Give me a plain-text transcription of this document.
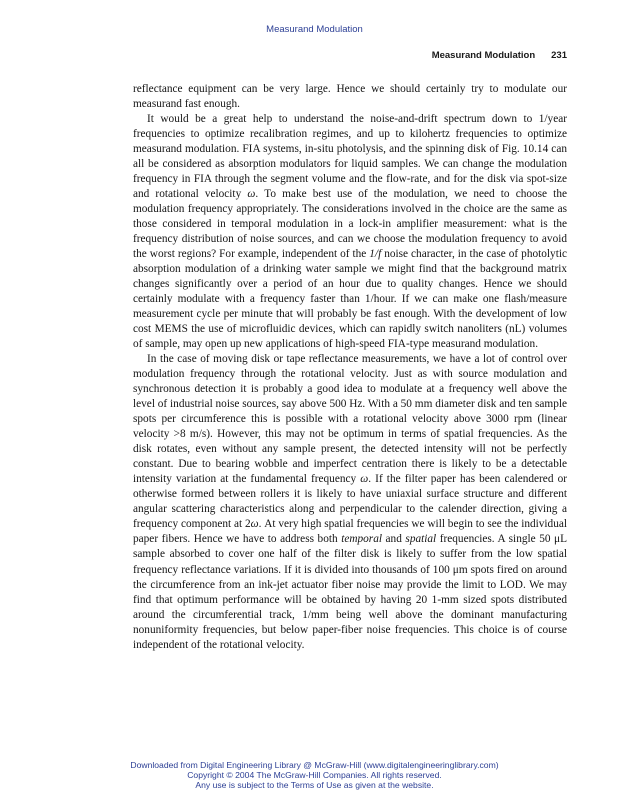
Measurand Modulation
Measurand Modulation 231

reflectance equipment can be very large. Hence we should certainly try to modulate our measurand fast enough.

It would be a great help to understand the noise-and-drift spectrum down to 1/year frequencies to optimize recalibration regimes, and up to kilohertz frequencies to optimize measurand modulation. FIA systems, in-situ photolysis, and the spinning disk of Fig. 10.14 can all be considered as absorption modulators for liquid samples. We can change the modulation frequency in FIA through the segment volume and the flow-rate, and for the disk via spot-size and rotational velocity ω. To make best use of the modulation, we need to choose the modulation frequency appropriately. The considerations involved in the choice are the same as those considered in temporal modulation in a lock-in amplifier measurement: what is the frequency distribution of noise sources, and can we choose the modulation frequency to avoid the worst regions? For example, independent of the 1/f noise character, in the case of photolytic absorption modulation of a drinking water sample we might find that the background matrix changes significantly over a period of an hour due to quality changes. Hence we should certainly modulate with a frequency faster than 1/hour. If we can make one flash/measure measurement cycle per minute that will probably be fast enough. With the development of low cost MEMS the use of microfluidic devices, which can rapidly switch nanoliters (nL) volumes of sample, may open up new applications of high-speed FIA-type measurand modulation.

In the case of moving disk or tape reflectance measurements, we have a lot of control over modulation frequency through the rotational velocity. Just as with source modulation and synchronous detection it is probably a good idea to modulate at a frequency well above the level of industrial noise sources, say above 500 Hz. With a 50 mm diameter disk and ten sample spots per circumference this is possible with a rotational velocity above 3000 rpm (linear velocity >8 m/s). However, this may not be optimum in terms of spatial frequencies. As the disk rotates, even without any sample present, the detected intensity will not be perfectly constant. Due to bearing wobble and imperfect centration there is likely to be a detectable intensity variation at the fundamental frequency ω. If the filter paper has been calendered or otherwise formed between rollers it is likely to have uniaxial surface structure and different angular scattering characteristics along and perpendicular to the calender direction, giving a frequency component at 2ω. At very high spatial frequencies we will begin to see the individual paper fibers. Hence we have to address both temporal and spatial frequencies. A single 50 μL sample absorbed to cover one half of the filter disk is likely to suffer from the low spatial frequency reflectance variations. If it is divided into thousands of 100 μm spots fired on around the circumference from an ink-jet actuator fiber noise may provide the limit to LOD. We may find that optimum performance will be obtained by having 20 1-mm sized spots distributed around the circumferential track, 1/mm being well above the dominant manufacturing nonuniformity frequencies, but below paper-fiber noise frequencies. This choice is of course independent of the rotational velocity.

Downloaded from Digital Engineering Library @ McGraw-Hill (www.digitalengineeringlibrary.com)
Copyright © 2004 The McGraw-Hill Companies. All rights reserved.
Any use is subject to the Terms of Use as given at the website.
